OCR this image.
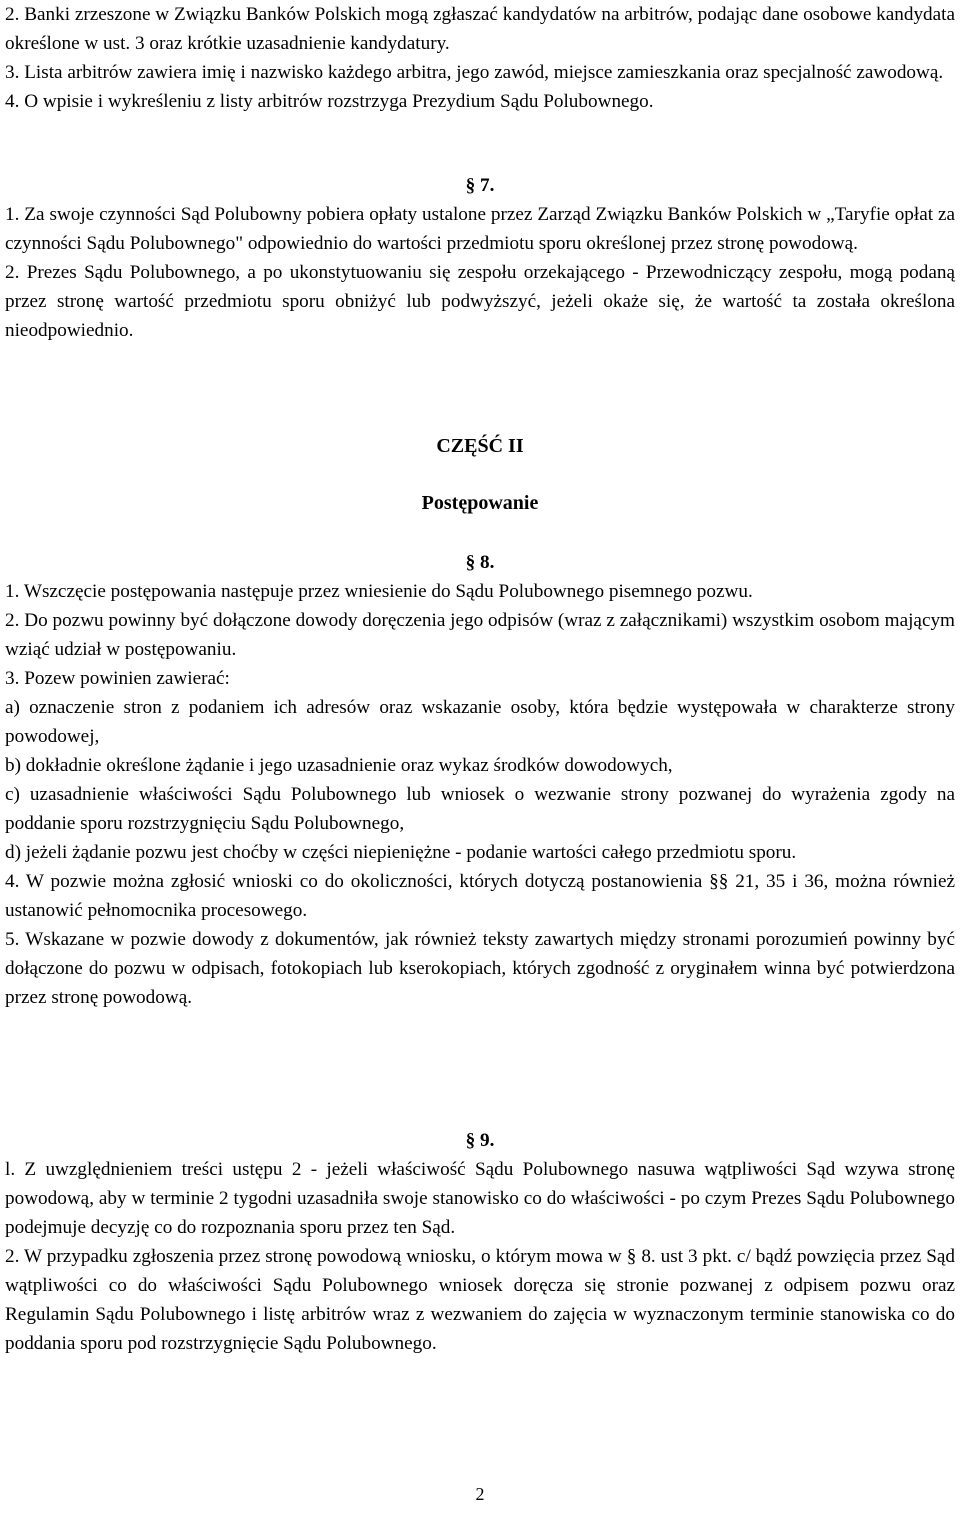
2. Banki zrzeszone w Związku Banków Polskich mogą zgłaszać kandydatów na arbitrów, podając dane osobowe kandydata określone w ust. 3 oraz krótkie uzasadnienie kandydatury.

3. Lista arbitrów zawiera imię i nazwisko każdego arbitra, jego zawód, miejsce zamieszkania oraz specjalność zawodową.

4. O wpisie i wykreśleniu z listy arbitrów rozstrzyga Prezydium Sądu Polubownego.

§ 7.

1. Za swoje czynności Sąd Polubowny pobiera opłaty ustalone przez Zarząd Związku Banków Polskich w „Taryfie opłat za czynności Sądu Polubownego" odpowiednio do wartości przedmiotu sporu określonej przez stronę powodową.

2. Prezes Sądu Polubownego, a po ukonstytuowaniu się zespołu orzekającego - Przewodniczący zespołu, mogą podaną przez stronę wartość przedmiotu sporu obniżyć lub podwyższyć, jeżeli okaże się, że wartość ta została określona nieodpowiednio.

CZĘŚĆ II

Postępowanie

§ 8.

1. Wszczęcie postępowania następuje przez wniesienie do Sądu Polubownego pisemnego pozwu.

2. Do pozwu powinny być dołączone dowody doręczenia jego odpisów (wraz z załącznikami) wszystkim osobom mającym wziąć udział w postępowaniu.

3. Pozew powinien zawierać:

a) oznaczenie stron z podaniem ich adresów oraz wskazanie osoby, która będzie występowała w charakterze strony powodowej,

b) dokładnie określone żądanie i jego uzasadnienie oraz wykaz środków dowodowych,

c) uzasadnienie właściwości Sądu Polubownego lub wniosek o wezwanie strony pozwanej do wyrażenia zgody na poddanie sporu rozstrzygnięciu Sądu Polubownego,

d) jeżeli żądanie pozwu jest choćby w części niepieniężne - podanie wartości całego przedmiotu sporu.

4. W pozwie można zgłosić wnioski co do okoliczności, których dotyczą postanowienia §§ 21, 35 i 36, można również ustanowić pełnomocnika procesowego.

5. Wskazane w pozwie dowody z dokumentów, jak również teksty zawartych między stronami porozumień powinny być dołączone do pozwu w odpisach, fotokopiach lub kserokopiach, których zgodność z oryginałem winna być potwierdzona przez stronę powodową.

§ 9.

l. Z uwzględnieniem treści ustępu 2 - jeżeli właściwość Sądu Polubownego nasuwa wątpliwości Sąd wzywa stronę powodową, aby w terminie 2 tygodni uzasadniła swoje stanowisko co do właściwości - po czym Prezes Sądu Polubownego podejmuje decyzję co do rozpoznania sporu przez ten Sąd.

2. W przypadku zgłoszenia przez stronę powodową wniosku, o którym mowa w § 8. ust 3 pkt. c/ bądź powzięcia przez Sąd wątpliwości co do właściwości Sądu Polubownego wniosek doręcza się stronie pozwanej z odpisem pozwu oraz Regulamin Sądu Polubownego i listę arbitrów wraz z wezwaniem do zajęcia w wyznaczonym terminie stanowiska co do poddania sporu pod rozstrzygnięcie Sądu Polubownego.

2
